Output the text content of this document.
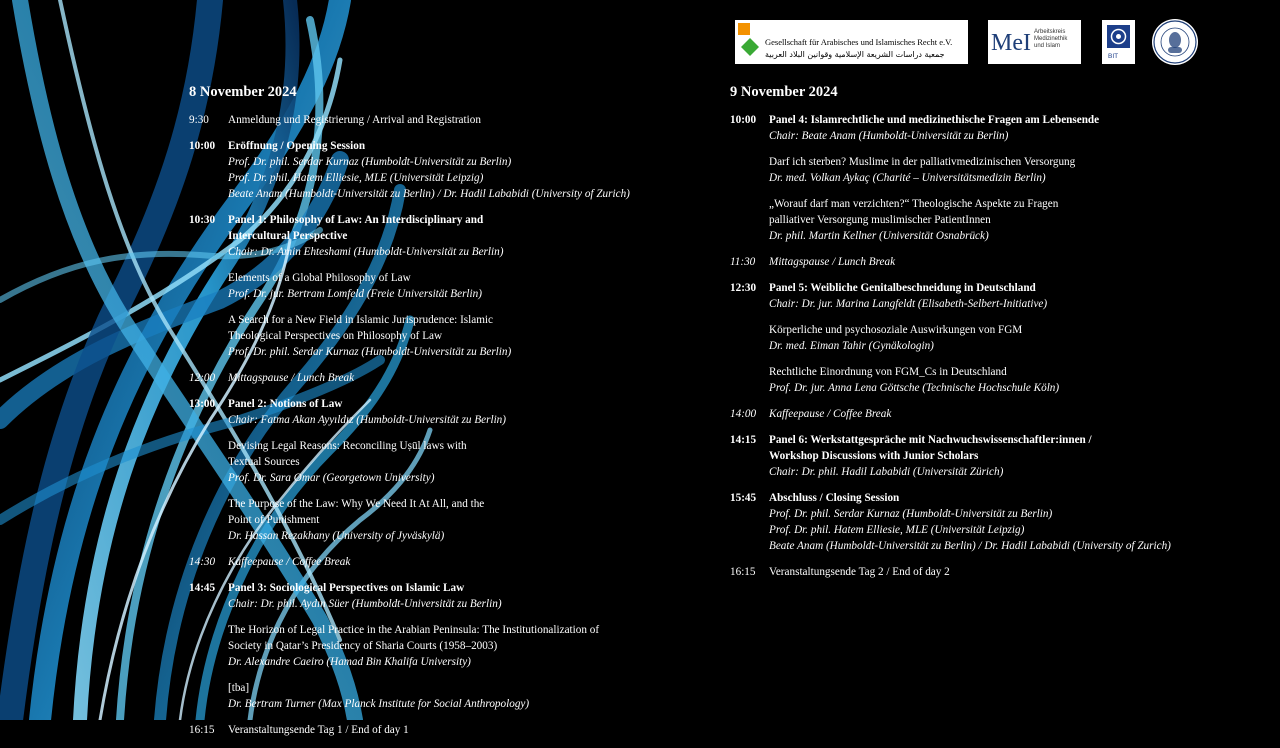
Gesellschaft für Arabisches und Islamisches Recht e.V.
جمعية دراسات الشريعة الإسلامية وقوانين البلاد العربية MeI Arbeitskreis
Medizinethik
und Islam
BIT
8 November 2024
9:30	Anmeldung und Registrierung / Arrival and Registration
10:00	Eröffnung / Opening Session
Prof. Dr. phil. Serdar Kurnaz (Humboldt-Universität zu Berlin)
Prof. Dr. phil. Hatem Elliesie, MLE (Universität Leipzig)
Beate Anam (Humboldt-Universität zu Berlin) / Dr. Hadil Lababidi (University of Zurich)
10:30	Panel 1: Philosophy of Law: An Interdisciplinary and
Intercultural Perspective
Chair: Dr. Amin Ehteshami (Humboldt-Universität zu Berlin)
Elements of a Global Philosophy of Law
Prof. Dr. jur. Bertram Lomfeld (Freie Universität Berlin)
A Search for a New Field in Islamic Jurisprudence: Islamic
Theological Perspectives on Philosophy of Law
Prof. Dr. phil. Serdar Kurnaz (Humboldt-Universität zu Berlin)
12:00	Mittagspause / Lunch Break
13:00	Panel 2: Notions of Law
Chair: Fatma Akan Ayyıldız (Humboldt-Universität zu Berlin)
Devising Legal Reasons: Reconciling Uṣūl laws with
Textual Sources
Prof. Dr. Sara Omar (Georgetown University)
The Purpose of the Law: Why We Need It At All, and the
Point of Punishment
Dr. Hassan Rezakhany (University of Jyväskylä)
14:30	Kaffeepause / Coffee Break
14:45	Panel 3: Sociological Perspectives on Islamic Law
Chair: Dr. phil. Aydın Süer (Humboldt-Universität zu Berlin)
The Horizon of Legal Practice in the Arabian Peninsula: The Institutionalization of
Society in Qatar’s Presidency of Sharia Courts (1958–2003)
Dr. Alexandre Caeiro (Hamad Bin Khalifa University)
[tba]
Dr. Bertram Turner (Max Planck Institute for Social Anthropology)
16:15	Veranstaltungsende Tag 1 / End of day 1
9 November 2024
10:00	Panel 4: Islamrechtliche und medizinethische Fragen am Lebensende
Chair: Beate Anam (Humboldt-Universität zu Berlin)
Darf ich sterben? Muslime in der palliativmedizinischen Versorgung
Dr. med. Volkan Aykaç (Charité – Universitätsmedizin Berlin)
„Worauf darf man verzichten?“ Theologische Aspekte zu Fragen
palliativer Versorgung muslimischer PatientInnen
Dr. phil. Martin Kellner (Universität Osnabrück)
11:30	Mittagspause / Lunch Break
12:30	Panel 5: Weibliche Genitalbeschneidung in Deutschland
Chair: Dr. jur. Marina Langfeldt (Elisabeth-Selbert-Initiative)
Körperliche und psychosoziale Auswirkungen von FGM
Dr. med. Eiman Tahir (Gynäkologin)
Rechtliche Einordnung von FGM_Cs in Deutschland
Prof. Dr. jur. Anna Lena Göttsche (Technische Hochschule Köln)
14:00	Kaffeepause / Coffee Break
14:15	Panel 6: Werkstattgespräche mit Nachwuchswissenschaftler:innen /
Workshop Discussions with Junior Scholars
Chair: Dr. phil. Hadil Lababidi (Universität Zürich)
15:45	Abschluss / Closing Session
Prof. Dr. phil. Serdar Kurnaz (Humboldt-Universität zu Berlin)
Prof. Dr. phil. Hatem Elliesie, MLE (Universität Leipzig)
Beate Anam (Humboldt-Universität zu Berlin) / Dr. Hadil Lababidi (University of Zurich)
16:15	Veranstaltungsende Tag 2 / End of day 2
